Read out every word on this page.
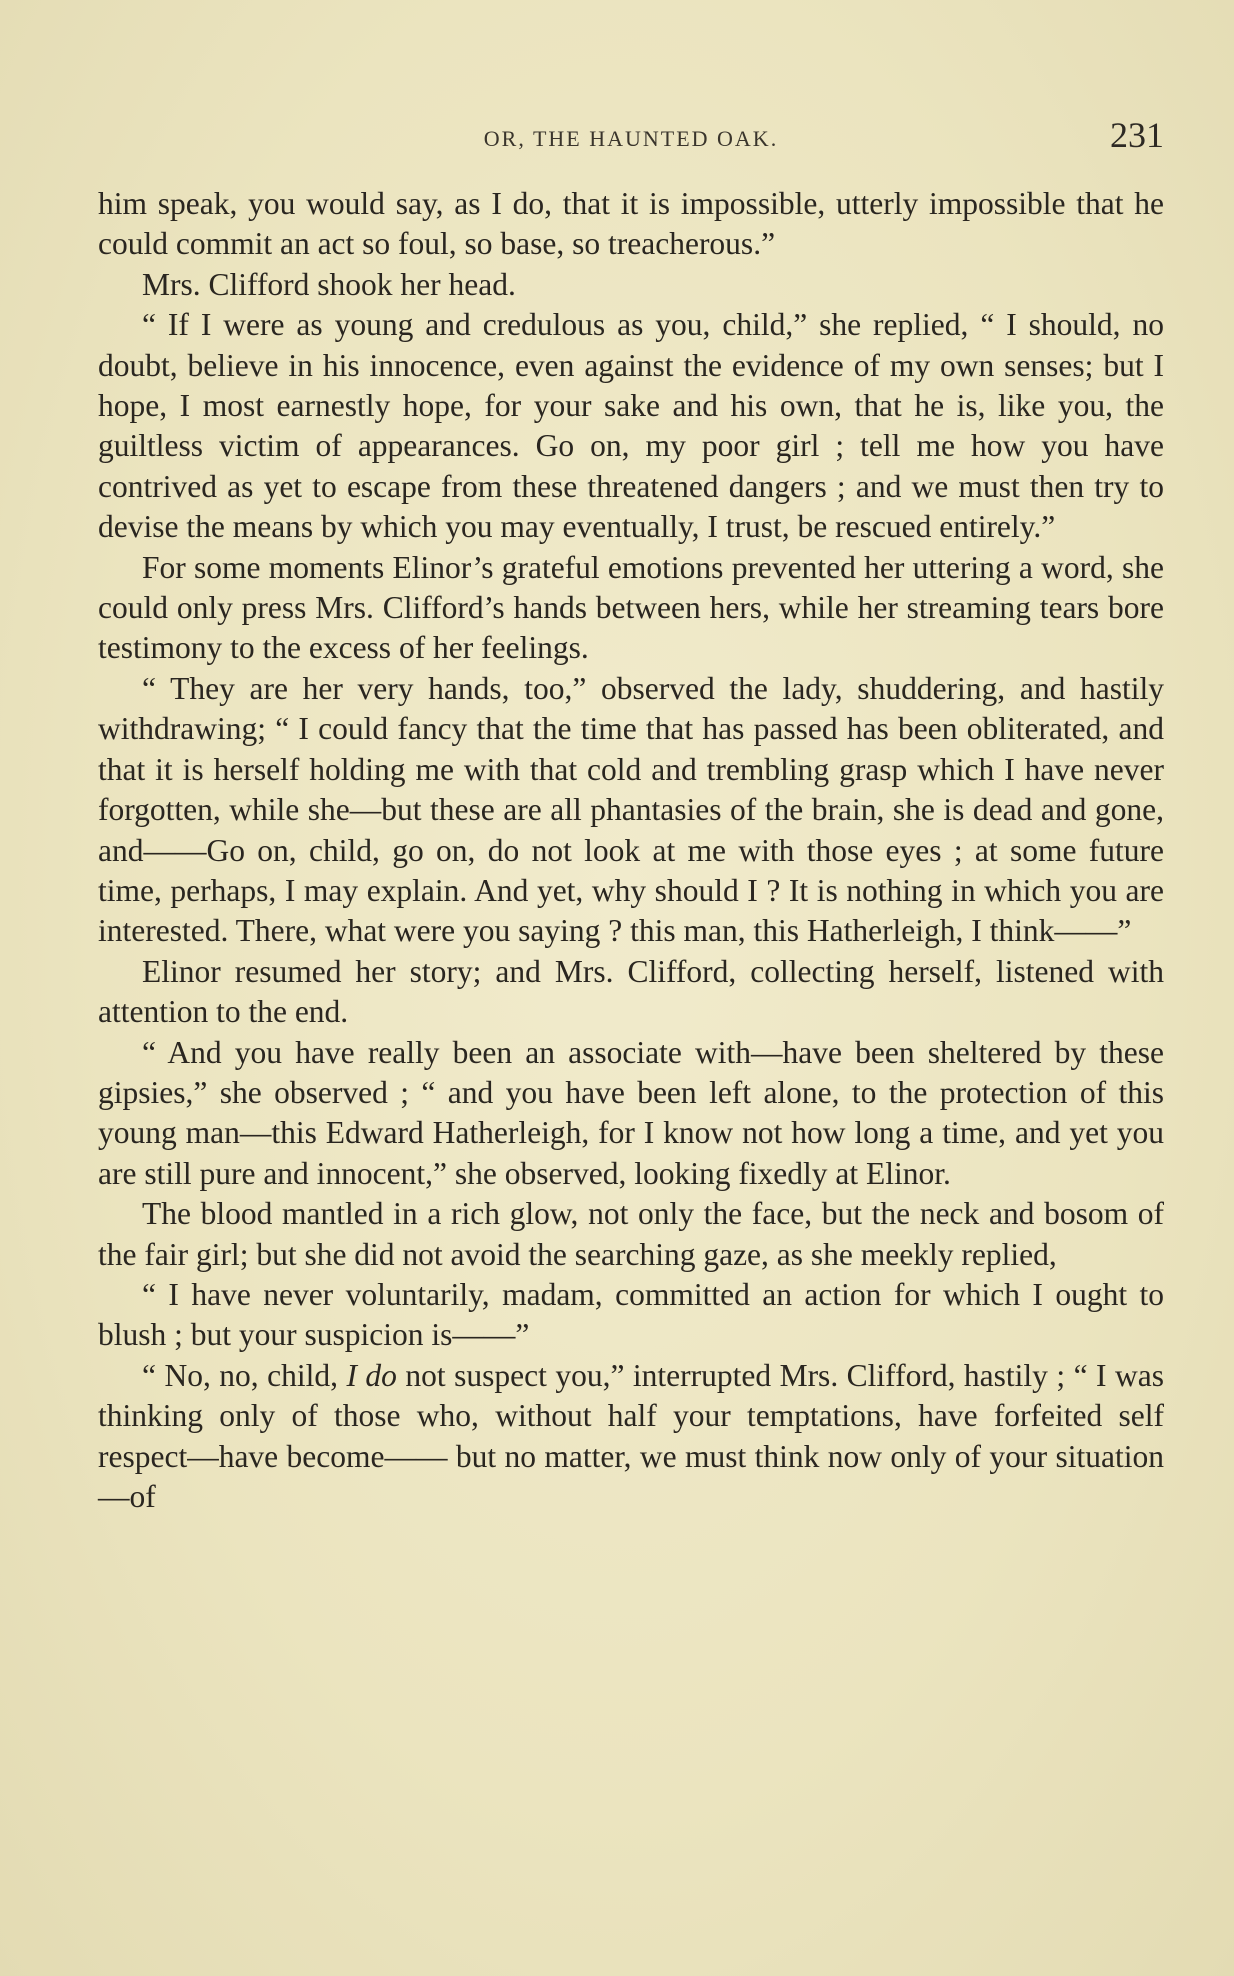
OR, THE HAUNTED OAK.	231

him speak, you would say, as I do, that it is impossible, utterly impossible that he could commit an act so foul, so base, so treacherous.”

Mrs. Clifford shook her head.

“ If I were as young and credulous as you, child,” she replied, “ I should, no doubt, believe in his innocence, even against the evidence of my own senses; but I hope, I most earnestly hope, for your sake and his own, that he is, like you, the guiltless victim of appearances. Go on, my poor girl ; tell me how you have contrived as yet to escape from these threatened dangers ; and we must then try to devise the means by which you may eventually, I trust, be rescued entirely.”

For some moments Elinor’s grateful emotions prevented her uttering a word, she could only press Mrs. Clifford’s hands between hers, while her streaming tears bore testimony to the excess of her feelings.

“ They are her very hands, too,” observed the lady, shuddering, and hastily withdrawing; “ I could fancy that the time that has passed has been obliterated, and that it is herself holding me with that cold and trembling grasp which I have never forgotten, while she—but these are all phantasies of the brain, she is dead and gone, and——Go on, child, go on, do not look at me with those eyes ; at some future time, perhaps, I may explain. And yet, why should I ? It is nothing in which you are interested. There, what were you saying ? this man, this Hatherleigh, I think——”

Elinor resumed her story; and Mrs. Clifford, collecting herself, listened with attention to the end.

“ And you have really been an associate with—have been sheltered by these gipsies,” she observed ; “ and you have been left alone, to the protection of this young man—this Edward Hatherleigh, for I know not how long a time, and yet you are still pure and innocent,” she observed, looking fixedly at Elinor.

The blood mantled in a rich glow, not only the face, but the neck and bosom of the fair girl; but she did not avoid the searching gaze, as she meekly replied,

“ I have never voluntarily, madam, committed an action for which I ought to blush ; but your suspicion is——”

“ No, no, child, I do not suspect you,” interrupted Mrs. Clifford, hastily ; “ I was thinking only of those who, without half your temptations, have forfeited self respect—have become—— but no matter, we must think now only of your situation—of
